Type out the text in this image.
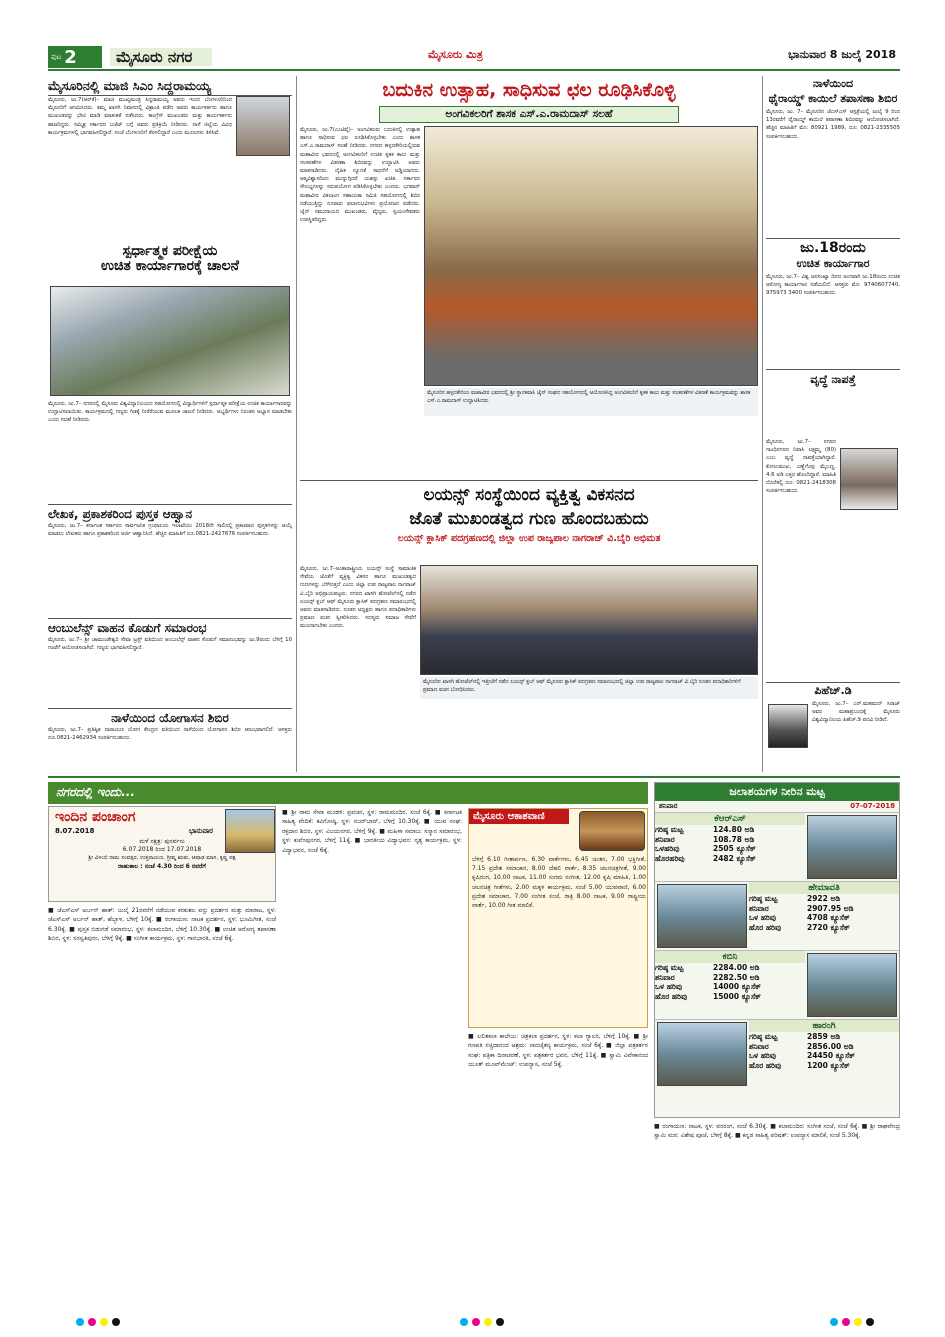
ಪುಟ 2	ಮೈಸೂರು ನಗರ	ಮೈಸೂರು ಮಿತ್ರ	ಭಾನುವಾರ 8 ಜುಲೈ 2018
ಮೈಸೂರಿನಲ್ಲಿ ಮಾಜಿ ಸಿಎಂ ಸಿದ್ದರಾಮಯ್ಯ
ಮೈಸೂರು, ಜು.7(ಆರ್‌ಕೆ)– ಮಾಜಿ ಮುಖ್ಯಮಂತ್ರಿ ಸಿದ್ದರಾಮಯ್ಯ ಅವರು ಇಂದು ಬೆಂಗಳೂರಿನಿಂದ ಮೈಸೂರಿಗೆ ಆಗಮಿಸಿದರು. ತಮ್ಮ ಖಾಸಗಿ ನಿವಾಸದಲ್ಲಿ ವಿಶ್ರಾಂತಿ ಪಡೆದ ಅವರು ಕಾರ್ಯಕರ್ತರು ಹಾಗೂ ಮುಖಂಡರನ್ನು ಭೇಟಿ ಮಾಡಿ ಮಾತುಕತೆ ನಡೆಸಿದರು. ಕಾಂಗ್ರೆಸ್ ಮುಖಂಡರು ಮತ್ತು ಕಾರ್ಯಕರ್ತರು ಹಾಜರಿದ್ದರು. ಸಮ್ಮಿಶ್ರ ಸರ್ಕಾರದ ಬಜೆಟ್ ಬಗ್ಗೆ ಅವರು ಪ್ರತಿಕ್ರಿಯೆ ನೀಡಿದರು. ನಾಳೆ ಜಿಲ್ಲೆಯ ವಿವಿಧ ಕಾರ್ಯಕ್ರಮಗಳಲ್ಲಿ ಭಾಗವಹಿಸಲಿದ್ದಾರೆ. ಸಂಜೆ ಬೆಂಗಳೂರಿಗೆ ತೆರಳಲಿದ್ದಾರೆ ಎಂದು ಮೂಲಗಳು ತಿಳಿಸಿವೆ.
ಸ್ಪರ್ಧಾತ್ಮಕ ಪರೀಕ್ಷೆಯ
ಉಚಿತ ಕಾರ್ಯಾಗಾರಕ್ಕೆ ಚಾಲನೆ
ಮೈಸೂರು, ಜು.7– ನಗರದಲ್ಲಿ ಮೈಸೂರು ವಿಶ್ವವಿದ್ಯಾನಿಲಯದ ಸಹಯೋಗದಲ್ಲಿ ವಿದ್ಯಾರ್ಥಿಗಳಿಗೆ ಸ್ಪರ್ಧಾತ್ಮಕ ಪರೀಕ್ಷೆಯ ಉಚಿತ ಕಾರ್ಯಾಗಾರವನ್ನು ಉದ್ಘಾಟಿಸಲಾಯಿತು. ಕಾರ್ಯಕ್ರಮದಲ್ಲಿ ಗಣ್ಯರು ಗಿಡಕ್ಕೆ ನೀರೆರೆಯುವ ಮೂಲಕ ಚಾಲನೆ ನೀಡಿದರು. ಅಭ್ಯರ್ಥಿಗಳು ನಿರಂತರ ಅಭ್ಯಾಸ ಮಾಡಬೇಕು ಎಂದು ಸಲಹೆ ನೀಡಿದರು.
ಲೇಖಕ, ಪ್ರಕಾಶಕರಿಂದ ಪುಸ್ತಕ ಆಹ್ವಾನ
ಮೈಸೂರು, ಜು.7– ಕರ್ನಾಟಕ ಸರ್ಕಾರದ ಸಾರ್ವಜನಿಕ ಗ್ರಂಥಾಲಯ ಇಲಾಖೆಯು 2018ನೇ ಸಾಲಿನಲ್ಲಿ ಪ್ರಕಟವಾದ ಪುಸ್ತಕಗಳನ್ನು ಆಯ್ಕೆ ಮಾಡಲು ಲೇಖಕರು ಹಾಗೂ ಪ್ರಕಾಶಕರಿಂದ ಅರ್ಜಿ ಆಹ್ವಾನಿಸಿದೆ. ಹೆಚ್ಚಿನ ಮಾಹಿತಿಗೆ ದೂ.0821-2427676 ಸಂಪರ್ಕಿಸಬಹುದು.
ಆಂಬುಲೆನ್ಸ್ ವಾಹನ ಕೊಡುಗೆ ಸಮಾರಂಭ
ಮೈಸೂರು, ಜು.7– ಶ್ರೀ ಚಾಮುಂಡೇಶ್ವರಿ ಸೇವಾ ಟ್ರಸ್ಟ್ ವತಿಯಿಂದ ಆಂಬುಲೆನ್ಸ್ ವಾಹನ ಕೊಡುಗೆ ಸಮಾರಂಭವನ್ನು ಜು.9ರಂದು ಬೆಳಿಗ್ಗೆ 10 ಗಂಟೆಗೆ ಆಯೋಜಿಸಲಾಗಿದೆ. ಗಣ್ಯರು ಭಾಗವಹಿಸಲಿದ್ದಾರೆ.
ನಾಳೆಯಿಂದ ಯೋಗಾಸನ ಶಿಬಿರ
ಮೈಸೂರು, ಜು.7– ಪ್ರತಿಷ್ಠಿತ ನಾರಾಯಣ ಯೋಗ ಕೇಂದ್ರದ ವತಿಯಿಂದ ನಾಳೆಯಿಂದ ಯೋಗಾಸನ ಶಿಬಿರ ಆರಂಭವಾಗಲಿದೆ. ಆಸಕ್ತರು ದೂ.0821-2462934 ಸಂಪರ್ಕಿಸಬಹುದು.
ಬದುಕಿನ ಉತ್ಸಾಹ, ಸಾಧಿಸುವ ಛಲ ರೂಢಿಸಿಕೊಳ್ಳಿ
ಅಂಗವಿಕಲರಿಗೆ ಶಾಸಕ ಎಸ್.ಎ.ರಾಮದಾಸ್ ಸಲಹೆ
ಮೈಸೂರು, ಜು.7(ಎಂಟಿವೈ)– ಅಂಗವಿಕಲರು ಬದುಕಿನಲ್ಲಿ ಉತ್ಸಾಹ ಹಾಗೂ ಸಾಧಿಸುವ ಛಲ ರೂಢಿಸಿಕೊಳ್ಳಬೇಕು ಎಂದು ಶಾಸಕ ಎಸ್.ಎ.ರಾಮದಾಸ್ ಸಲಹೆ ನೀಡಿದರು. ನಗರದ ಹಳ್ಳದಕೇರಿಯಲ್ಲಿರುವ ಮಹಾವೀರ ಭವನದಲ್ಲಿ ಅಂಗವಿಕಲರಿಗೆ ಉಚಿತ ಕೃತಕ ಕಾಲು ಮತ್ತು ಸಲಕರಣೆಗಳ ವಿತರಣಾ ಶಿಬಿರವನ್ನು ಉದ್ಘಾಟಿಸಿ ಅವರು ಮಾತನಾಡಿದರು. ದೈಹಿಕ ನ್ಯೂನತೆ ಸಾಧನೆಗೆ ಅಡ್ಡಿಯಾಗದು. ಆತ್ಮವಿಶ್ವಾಸದಿಂದ ಮುನ್ನುಗ್ಗಿದರೆ ಯಶಸ್ಸು ಖಚಿತ. ಸರ್ಕಾರದ ಸೌಲಭ್ಯಗಳನ್ನು ಸದುಪಯೋಗ ಪಡಿಸಿಕೊಳ್ಳಬೇಕು ಎಂದರು. ಭಗವಾನ್ ಮಹಾವೀರ ವಿಕಲಾಂಗ ಸಹಾಯತಾ ಸಮಿತಿ ಸಹಯೋಗದಲ್ಲಿ ಶಿಬಿರ ನಡೆಯುತ್ತಿದ್ದು ನೂರಾರು ಫಲಾನುಭವಿಗಳು ಪ್ರಯೋಜನ ಪಡೆದರು. ಜೈನ್ ಸಮುದಾಯದ ಮುಖಂಡರು, ವೈದ್ಯರು, ಸ್ವಯಂಸೇವಕರು ಉಪಸ್ಥಿತರಿದ್ದರು.
ಮೈಸೂರಿನ ಹಳ್ಳದಕೇರಿಯ ಮಹಾವೀರ ಭವನದಲ್ಲಿ ಶ್ರೀ ಸ್ಥಾನಕವಾಸಿ ಜೈನ್ ಸಂಘದ ಸಹಯೋಗದಲ್ಲಿ ಆಯೋಜಿಸಿದ್ದ ಅಂಗವಿಕಲರಿಗೆ ಕೃತಕ ಕಾಲು ಮತ್ತು ಸಲಕರಣೆಗಳ ವಿತರಣೆ ಕಾರ್ಯಕ್ರಮವನ್ನು ಶಾಸಕ ಎಸ್.ಎ.ರಾಮದಾಸ್ ಉದ್ಘಾಟಿಸಿದರು.
ಲಯನ್ಸ್ ಸಂಸ್ಥೆಯಿಂದ ವ್ಯಕ್ತಿತ್ವ ವಿಕಸನದ
ಜೊತೆ ಮುಖಂಡತ್ವದ ಗುಣ ಹೊಂದಬಹುದು
ಲಯನ್ಸ್ ಕ್ಲಾಸಿಕ್ ಪದಗ್ರಹಣದಲ್ಲಿ ಜಿಲ್ಲಾ ಉಪ ರಾಜ್ಯಪಾಲ ನಾಗರಾಜ್ ವಿ.ಬೈರಿ ಅಭಿಮತ
ಮೈಸೂರು, ಜು.7–ಅಂತಾರಾಷ್ಟ್ರೀಯ ಲಯನ್ಸ್ ಸಂಸ್ಥೆ ಸಾಮಾಜಿಕ ಸೇವೆಯ ಜೊತೆಗೆ ವ್ಯಕ್ತಿತ್ವ ವಿಕಸನ ಹಾಗೂ ಮುಖಂಡತ್ವದ ಗುಣಗಳನ್ನು ಬೆಳೆಸುತ್ತದೆ ಎಂದು ಜಿಲ್ಲಾ ಉಪ ರಾಜ್ಯಪಾಲ ನಾಗರಾಜ್ ವಿ.ಬೈರಿ ಅಭಿಪ್ರಾಯಪಟ್ಟರು. ನಗರದ ಖಾಸಗಿ ಹೋಟೆಲ್‌ನಲ್ಲಿ ನಡೆದ ಲಯನ್ಸ್ ಕ್ಲಬ್ ಆಫ್ ಮೈಸೂರು ಕ್ಲಾಸಿಕ್ ಪದಗ್ರಹಣ ಸಮಾರಂಭದಲ್ಲಿ ಅವರು ಮಾತನಾಡಿದರು. ನೂತನ ಅಧ್ಯಕ್ಷರು ಹಾಗೂ ಪದಾಧಿಕಾರಿಗಳು ಪ್ರಮಾಣ ವಚನ ಸ್ವೀಕರಿಸಿದರು. ಸದಸ್ಯರು ಸಮಾಜ ಸೇವೆಗೆ ಮುಂದಾಗಬೇಕು ಎಂದರು.
ಮೈಸೂರಿನ ಖಾಸಗಿ ಹೋಟೆಲ್‌ನಲ್ಲಿ ಇತ್ತೀಚೆಗೆ ನಡೆದ ಲಯನ್ಸ್ ಕ್ಲಬ್ ಆಫ್ ಮೈಸೂರು ಕ್ಲಾಸಿಕ್ ಪದಗ್ರಹಣ ಸಮಾರಂಭದಲ್ಲಿ ಜಿಲ್ಲಾ ಉಪ ರಾಜ್ಯಪಾಲ ನಾಗರಾಜ್ ವಿ.ಬೈರಿ ನೂತನ ಪದಾಧಿಕಾರಿಗಳಿಗೆ ಪ್ರಮಾಣ ವಚನ ಬೋಧಿಸಿದರು.
ನಾಳೆಯಿಂದ
ಥೈರಾಯ್ಡ್ ಕಾಯಿಲೆ ತಪಾಸಣಾ ಶಿಬಿರ
ಮೈಸೂರು, ಜು. 7– ಮೈಸೂರಿನ ಜೆಎಸ್‌ಎಸ್ ಆಸ್ಪತ್ರೆಯಲ್ಲಿ ಜುಲೈ 9 ರಿಂದ 13ರವರೆಗೆ ಥೈರಾಯ್ಡ್ ಕಾಯಿಲೆ ತಪಾಸಣಾ ಶಿಬಿರವನ್ನು ಆಯೋಜಿಸಲಾಗಿದೆ. ಹೆಚ್ಚಿನ ಮಾಹಿತಿಗೆ ಮೊ: 80921 1989, ದೂ: 0821-2335505 ಸಂಪರ್ಕಿಸಬಹುದು.
ಜು.18ರಂದು
ಉಚಿತ ಕಾರ್ಯಾಗಾರ
ಮೈಸೂರು, ಜು.7– ವಿಶ್ವ ಜನಸಂಖ್ಯಾ ದಿನದ ಅಂಗವಾಗಿ ಜು.18ರಂದು ಉಚಿತ ಆರೋಗ್ಯ ಕಾರ್ಯಾಗಾರ ನಡೆಯಲಿದೆ. ಆಸಕ್ತರು ಮೊ: 9740607740, 975973 3400 ಸಂಪರ್ಕಿಸಬಹುದು.
ವೃದ್ಧೆ ನಾಪತ್ತೆ
ಮೈಸೂರು, ಜು.7– ನಗರದ ಗಾಂಧಿನಗರದ ನಿವಾಸಿ ಲಕ್ಷ್ಮಮ್ಮ (80) ಎಂಬ ವೃದ್ಧೆ ನಾಪತ್ತೆಯಾಗಿದ್ದಾರೆ. ಕೋಲುಮುಖ, ಎಣ್ಣೆಗೆಂಪು ಮೈಬಣ್ಣ, 4.6 ಅಡಿ ಎತ್ತರ ಹೊಂದಿದ್ದಾರೆ. ಮಾಹಿತಿ ದೊರೆತಲ್ಲಿ ದೂ: 0821-2418308 ಸಂಪರ್ಕಿಸಬಹುದು.
ಪಿಹೆಚ್.ಡಿ
ಮೈಸೂರು, ಜು.7– ಎನ್.ಮಹಮದ್ ಸಿರಾಜ್ ಅವರ ಮಹಾಪ್ರಬಂಧಕ್ಕೆ ಮೈಸೂರು ವಿಶ್ವವಿದ್ಯಾನಿಲಯ ಪಿಹೆಚ್.ಡಿ ಪದವಿ ನೀಡಿದೆ.
ನಗರದಲ್ಲಿ ಇಂದು...
ಇಂದಿನ ಪಂಚಾಂಗ
8.07.2018	ಭಾನುವಾರ
ಮಳೆ ನಕ್ಷತ್ರ: ಪುನರ್ವಸು
6.07.2018 ರಿಂದ 17.07.2018
ಶ್ರೀ ವಿಳಂಬಿ ನಾಮ ಸಂವತ್ಸರ, ಉತ್ತರಾಯಣ, ಗ್ರೀಷ್ಮ ಋತು, ಆಷಾಢ ಮಾಸ, ಕೃಷ್ಣ ಪಕ್ಷ
ರಾಹುಕಾಲ : ಸಂಜೆ 4.30 ರಿಂದ 6 ರವರೆಗೆ
■ ಜೆಎಸ್ಎಸ್ ಅರ್ಬನ್ ಹಾತ್: ಜುಲೈ 21ರವರೆಗೆ ನಡೆಯುವ ಕರಕುಶಲ ವಸ್ತು ಪ್ರದರ್ಶನ ಮತ್ತು ಮಾರಾಟ, ಸ್ಥಳ: ಜೆಎಸ್ಎಸ್ ಅರ್ಬನ್ ಹಾತ್, ಹೆಬ್ಬಾಳ, ಬೆಳಿಗ್ಗೆ 10ಕ್ಕೆ. ■ ರಂಗಾಯಣ: ನಾಟಕ ಪ್ರದರ್ಶನ, ಸ್ಥಳ: ಭೂಮಿಗೀತ, ಸಂಜೆ 6.30ಕ್ಕೆ. ■ ಪುಸ್ತಕ ಬಿಡುಗಡೆ ಸಮಾರಂಭ, ಸ್ಥಳ: ಕಲಾಮಂದಿರ, ಬೆಳಿಗ್ಗೆ 10.30ಕ್ಕೆ. ■ ಉಚಿತ ಆರೋಗ್ಯ ತಪಾಸಣಾ ಶಿಬಿರ, ಸ್ಥಳ: ಸರಸ್ವತಿಪುರಂ, ಬೆಳಿಗ್ಗೆ 9ಕ್ಕೆ. ■ ಸಂಗೀತ ಕಾರ್ಯಕ್ರಮ, ಸ್ಥಳ: ಗಾನಭಾರತಿ, ಸಂಜೆ 6ಕ್ಕೆ.
■ ಶ್ರೀ ರಾಮ ಸೇವಾ ಮಂಡಳಿ: ಪ್ರವಚನ, ಸ್ಥಳ: ರಾಮಮಂದಿರ, ಸಂಜೆ 6ಕ್ಕೆ. ■ ಕರ್ನಾಟಕ ಸಾಹಿತ್ಯ ವೇದಿಕೆ: ಕವಿಗೋಷ್ಠಿ, ಸ್ಥಳ: ನಜರ್‌ಬಾದ್, ಬೆಳಿಗ್ಗೆ 10.30ಕ್ಕೆ. ■ ಯುವ ಸಂಘ: ರಕ್ತದಾನ ಶಿಬಿರ, ಸ್ಥಳ: ವಿಜಯನಗರ, ಬೆಳಿಗ್ಗೆ 9ಕ್ಕೆ. ■ ಮಹಿಳಾ ಸಮಾಜ: ಸನ್ಮಾನ ಸಮಾರಂಭ, ಸ್ಥಳ: ಕುವೆಂಪುನಗರ, ಬೆಳಿಗ್ಗೆ 11ಕ್ಕೆ. ■ ಭಾರತೀಯ ವಿದ್ಯಾಭವನ: ನೃತ್ಯ ಕಾರ್ಯಕ್ರಮ, ಸ್ಥಳ: ವಿದ್ಯಾಭವನ, ಸಂಜೆ 6ಕ್ಕೆ.
ಮೈಸೂರು ಆಕಾಶವಾಣಿ
ಬೆಳಿಗ್ಗೆ 6.10 ಗೀತಾರ್ಪಣ, 6.30 ವಾರ್ತೆಗಳು, 6.45 ಚಿಂತನ, 7.00 ಭಕ್ತಿಗೀತೆ, 7.15 ಪ್ರದೇಶ ಸಮಾಚಾರ, 8.00 ದೆಹಲಿ ವಾರ್ತೆ, 8.35 ಚಲನಚಿತ್ರಗೀತೆ, 9.00 ಕೃಷಿರಂಗ, 10.00 ನಾಟಕ, 11.00 ಸುಗಮ ಸಂಗೀತ, 12.00 ಕೃಷಿ ಮಾಹಿತಿ, 1.00 ಚಲನಚಿತ್ರ ಗೀತೆಗಳು, 2.00 ಮಕ್ಕಳ ಕಾರ್ಯಕ್ರಮ, ಸಂಜೆ 5.00 ಯುವವಾಣಿ, 6.00 ಪ್ರದೇಶ ಸಮಾಚಾರ, 7.00 ಸಂಗೀತ ಸಂಜೆ, ರಾತ್ರಿ 8.00 ನಾಟಕ, 9.00 ರಾಷ್ಟ್ರೀಯ ವಾರ್ತೆ, 10.00 ಗೀತ ಮಾಲಿಕೆ.
■ ಲಲಿತಕಲಾ ಕಾಲೇಜು: ಚಿತ್ರಕಲಾ ಪ್ರದರ್ಶನ, ಸ್ಥಳ: ಕಲಾ ಗ್ಯಾಲರಿ, ಬೆಳಿಗ್ಗೆ 10ಕ್ಕೆ. ■ ಶ್ರೀ ಗಣಪತಿ ಸಚ್ಚಿದಾನಂದ ಆಶ್ರಮ: ನಾದಚೈತನ್ಯ ಕಾರ್ಯಕ್ರಮ, ಸಂಜೆ 6ಕ್ಕೆ. ■ ಜಿಲ್ಲಾ ಪತ್ರಕರ್ತರ ಸಂಘ: ಪತ್ರಿಕಾ ದಿನಾಚರಣೆ, ಸ್ಥಳ: ಪತ್ರಕರ್ತರ ಭವನ, ಬೆಳಿಗ್ಗೆ 11ಕ್ಕೆ. ■ ಸ್ವಾಮಿ ವಿವೇಕಾನಂದ ಯೂತ್ ಮೂವ್‌ಮೆಂಟ್: ಉಪನ್ಯಾಸ, ಸಂಜೆ 5ಕ್ಕೆ.
ಜಲಾಶಯಗಳ ನೀರಿನ ಮಟ್ಟ
ಶನಿವಾರ	07-07-2018
ಕೆಆರ್‌ಎಸ್
ಗರಿಷ್ಠ ಮಟ್ಟ	124.80 ಅಡಿ
ಶನಿವಾರ	108.78 ಅಡಿ
ಒಳಹರಿವು	2505 ಕ್ಯೂಸೆಕ್
ಹೊರಹರಿವು	2482 ಕ್ಯೂಸೆಕ್
ಹೇಮಾವತಿ
ಗರಿಷ್ಠ ಮಟ್ಟ	2922 ಅಡಿ
ಶನಿವಾರ	2907.95 ಅಡಿ
ಒಳ ಹರಿವು	4708 ಕ್ಯೂಸೆಕ್
ಹೊರ ಹರಿವು	2720 ಕ್ಯೂಸೆಕ್
ಕಬಿನಿ
ಗರಿಷ್ಠ ಮಟ್ಟ	2284.00 ಅಡಿ
ಶನಿವಾರ	2282.50 ಅಡಿ
ಒಳ ಹರಿವು	14000 ಕ್ಯೂಸೆಕ್
ಹೊರ ಹರಿವು	15000 ಕ್ಯೂಸೆಕ್
ಹಾರಂಗಿ
ಗರಿಷ್ಠ ಮಟ್ಟ	2859 ಅಡಿ
ಶನಿವಾರ	2856.00 ಅಡಿ
ಒಳ ಹರಿವು	24450 ಕ್ಯೂಸೆಕ್
ಹೊರ ಹರಿವು	1200 ಕ್ಯೂಸೆಕ್
■ ರಂಗಾಯಣ: ನಾಟಕ, ಸ್ಥಳ: ವನರಂಗ, ಸಂಜೆ 6.30ಕ್ಕೆ. ■ ಕಲಾಮಂದಿರ: ಸಂಗೀತ ಸಂಜೆ, ಸಂಜೆ 6ಕ್ಕೆ. ■ ಶ್ರೀ ರಾಘವೇಂದ್ರ ಸ್ವಾಮಿ ಮಠ: ವಿಶೇಷ ಪೂಜೆ, ಬೆಳಿಗ್ಗೆ 8ಕ್ಕೆ. ■ ಕನ್ನಡ ಸಾಹಿತ್ಯ ಪರಿಷತ್: ಉಪನ್ಯಾಸ ಮಾಲಿಕೆ, ಸಂಜೆ 5.30ಕ್ಕೆ.
